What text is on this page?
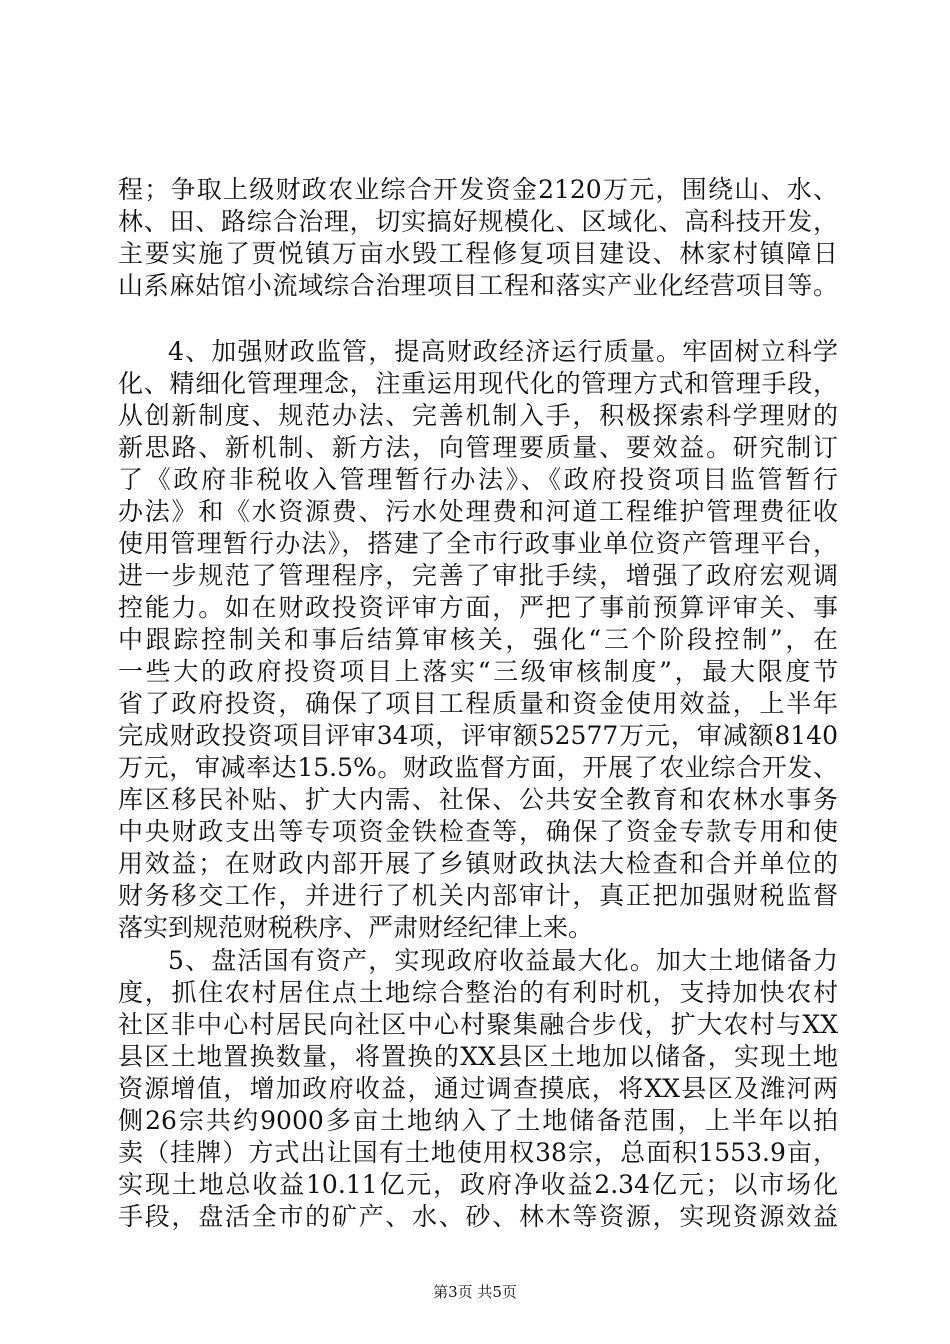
程；争取上级财政农业综合开发资金2120万元，围绕山、水、
林、田、路综合治理，切实搞好规模化、区域化、高科技开发，
主要实施了贾悦镇万亩水毁工程修复项目建设、林家村镇障日
山系麻姑馆小流域综合治理项目工程和落实产业化经营项目等。
4、加强财政监管，提高财政经济运行质量。牢固树立科学
化、精细化管理理念，注重运用现代化的管理方式和管理手段，
从创新制度、规范办法、完善机制入手，积极探索科学理财的
新思路、新机制、新方法，向管理要质量、要效益。研究制订
了《政府非税收入管理暂行办法》、《政府投资项目监管暂行
办法》和《水资源费、污水处理费和河道工程维护管理费征收
使用管理暂行办法》，搭建了全市行政事业单位资产管理平台，
进一步规范了管理程序，完善了审批手续，增强了政府宏观调
控能力。如在财政投资评审方面，严把了事前预算评审关、事
中跟踪控制关和事后结算审核关，强化“三个阶段控制”，在
一些大的政府投资项目上落实“三级审核制度”，最大限度节
省了政府投资，确保了项目工程质量和资金使用效益，上半年
完成财政投资项目评审34项，评审额52577万元，审减额8140
万元，审减率达15.5%。财政监督方面，开展了农业综合开发、
库区移民补贴、扩大内需、社保、公共安全教育和农林水事务
中央财政支出等专项资金铁检查等，确保了资金专款专用和使
用效益；在财政内部开展了乡镇财政执法大检查和合并单位的
财务移交工作，并进行了机关内部审计，真正把加强财税监督
落实到规范财税秩序、严肃财经纪律上来。
5、盘活国有资产，实现政府收益最大化。加大土地储备力
度，抓住农村居住点土地综合整治的有利时机，支持加快农村
社区非中心村居民向社区中心村聚集融合步伐，扩大农村与XX
县区土地置换数量，将置换的XX县区土地加以储备，实现土地
资源增值，增加政府收益，通过调查摸底，将XX县区及潍河两
侧26宗共约9000多亩土地纳入了土地储备范围，上半年以拍
卖（挂牌）方式出让国有土地使用权38宗，总面积1553.9亩，
实现土地总收益10.11亿元，政府净收益2.34亿元；以市场化
手段，盘活全市的矿产、水、砂、林木等资源，实现资源效益
第3页 共5页
